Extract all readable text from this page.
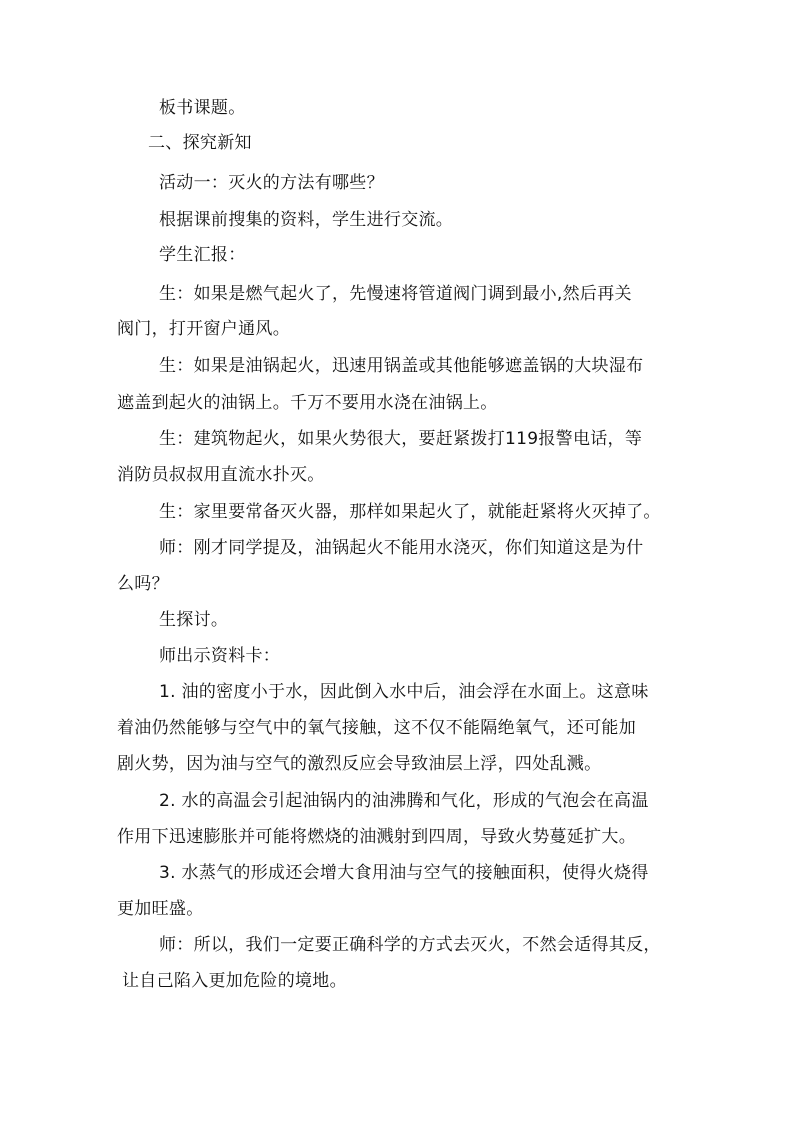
板书课题。
二、探究新知
活动一：灭火的方法有哪些？
根据课前搜集的资料，学生进行交流。
学生汇报：
生：如果是燃气起火了，先慢速将管道阀门调到最小,然后再关
阀门，打开窗户通风。
生：如果是油锅起火，迅速用锅盖或其他能够遮盖锅的大块湿布
遮盖到起火的油锅上。千万不要用水浇在油锅上。
生：建筑物起火，如果火势很大，要赶紧拨打119报警电话，等
消防员叔叔用直流水扑灭。
生：家里要常备灭火器，那样如果起火了，就能赶紧将火灭掉了。
师：刚才同学提及，油锅起火不能用水浇灭，你们知道这是为什
么吗？
生探讨。
师出示资料卡：
1. 油的密度小于水，因此倒入水中后，油会浮在水面上。这意味
着油仍然能够与空气中的氧气接触，这不仅不能隔绝氧气，还可能加
剧火势，因为油与空气的激烈反应会导致油层上浮，四处乱溅。
2. 水的高温会引起油锅内的油沸腾和气化，形成的气泡会在高温
作用下迅速膨胀并可能将燃烧的油溅射到四周，导致火势蔓延扩大。
3. 水蒸气的形成还会增大食用油与空气的接触面积，使得火烧得
更加旺盛。
师：所以，我们一定要正确科学的方式去灭火，不然会适得其反，
让自己陷入更加危险的境地。
